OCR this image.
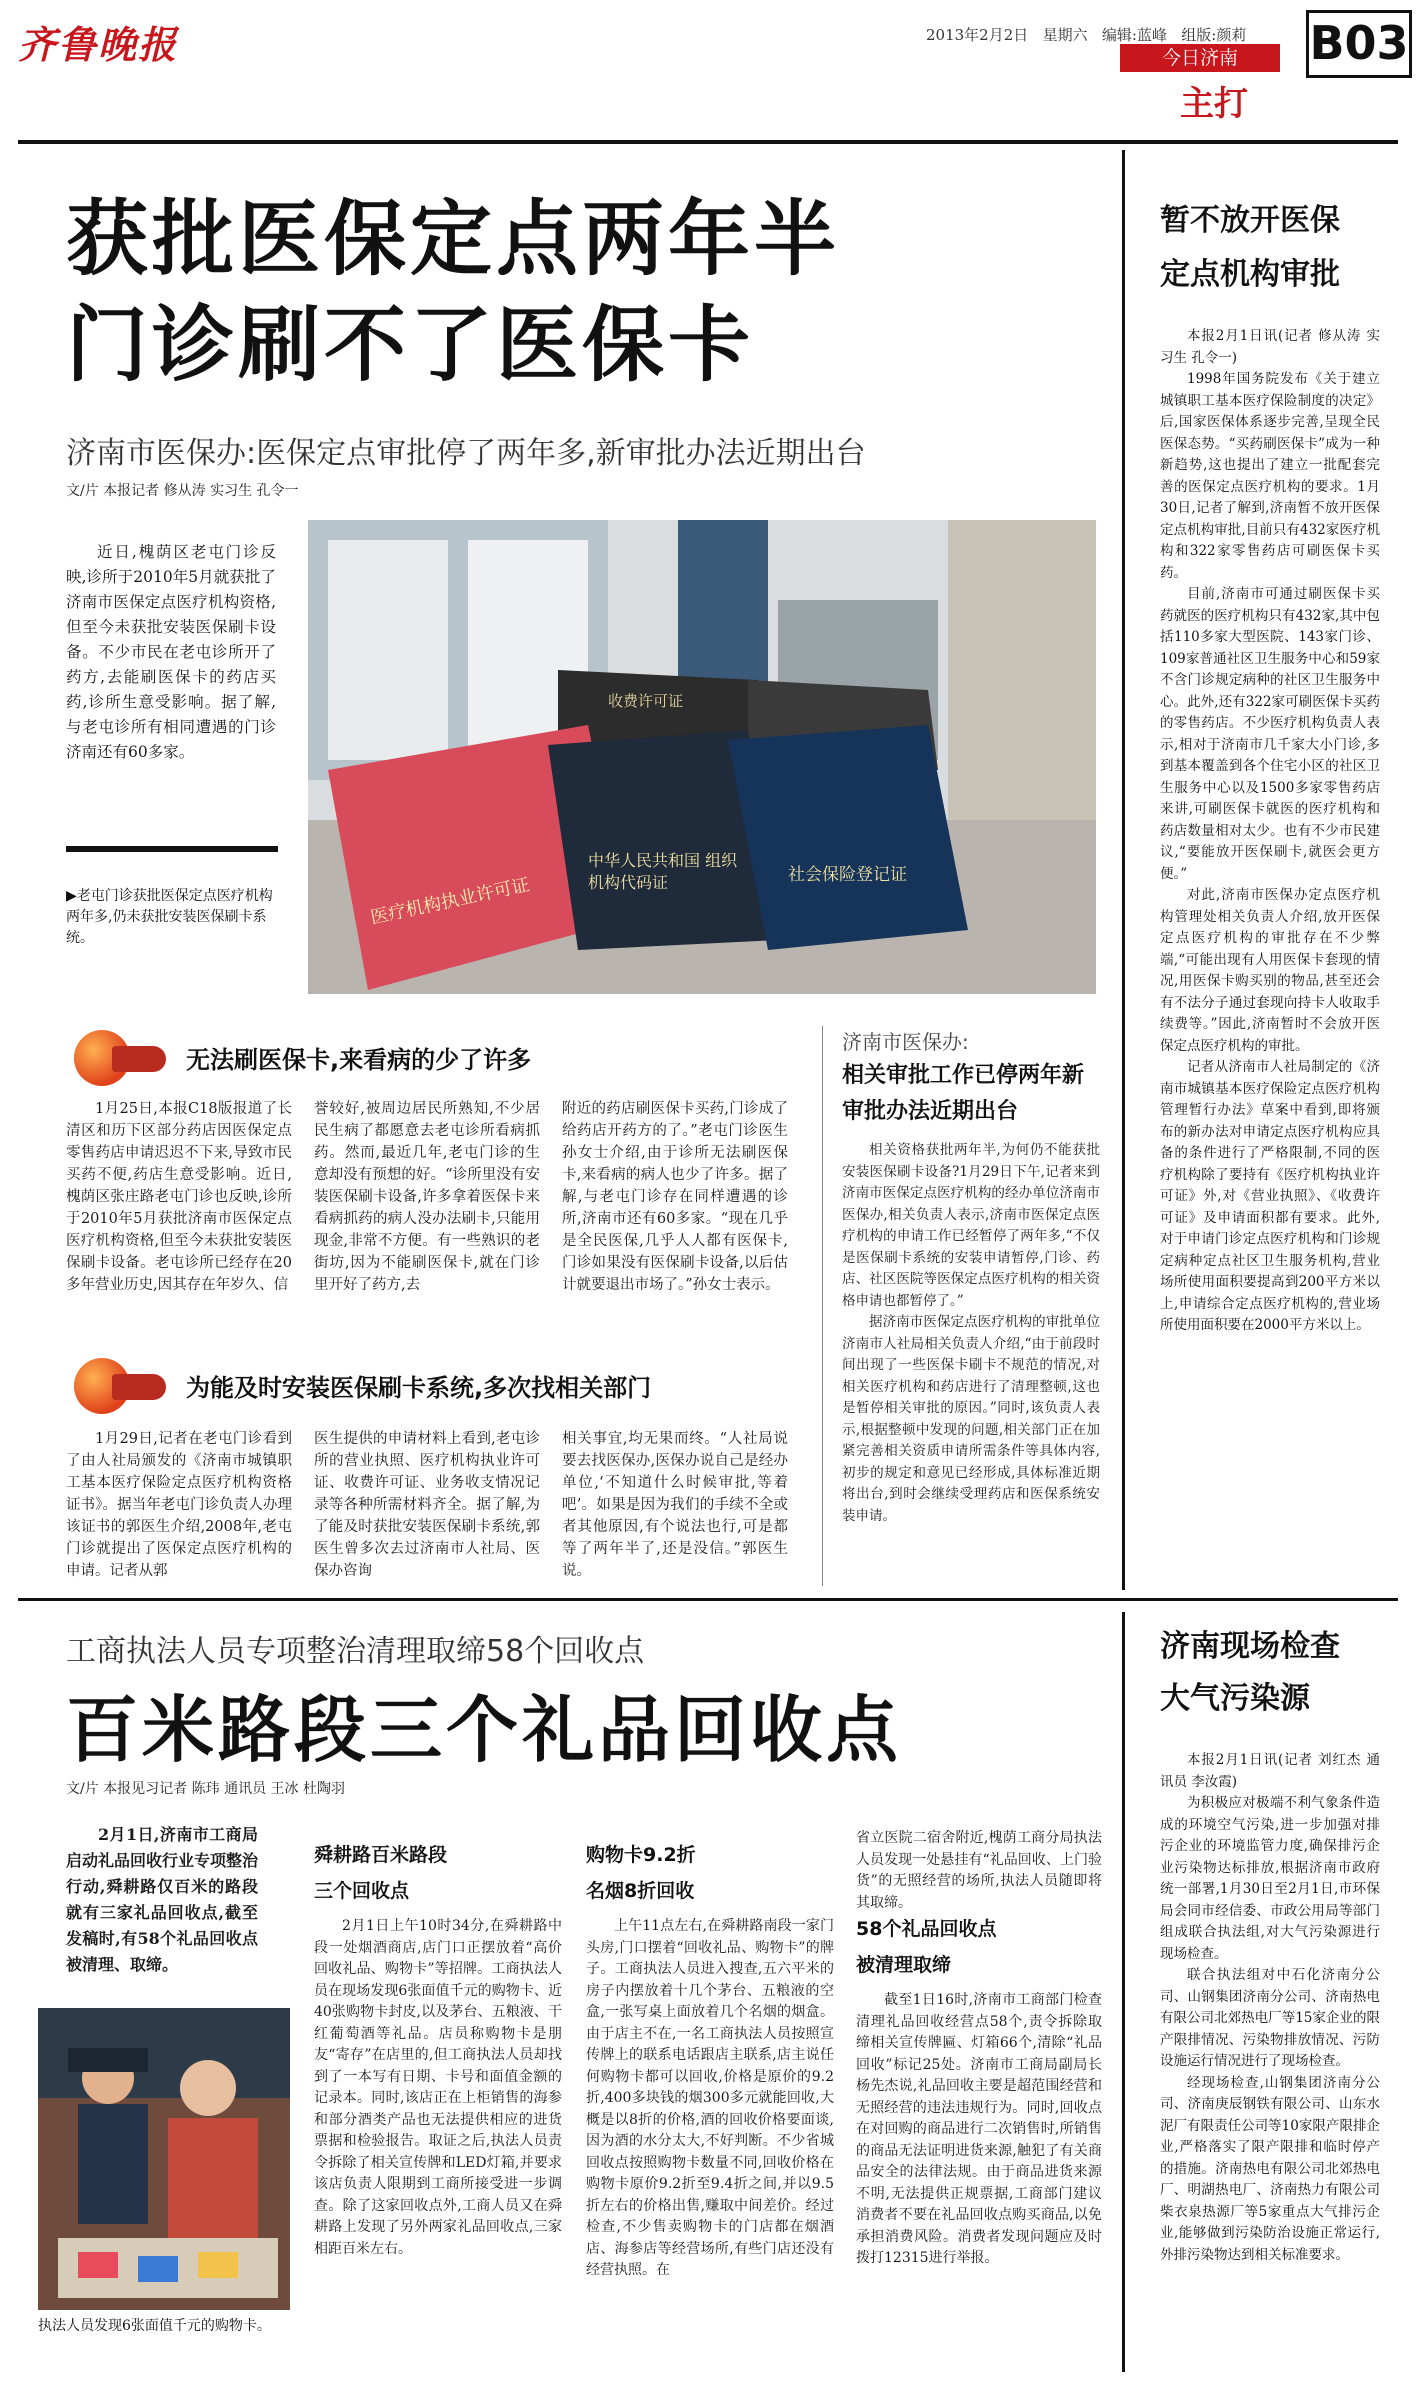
齐鲁晚报	2013年2月2日 星期六 编辑:蓝峰 组版:颜莉
今日济南
主打
B03
获批医保定点两年半
门诊刷不了医保卡
济南市医保办:医保定点审批停了两年多,新审批办法近期出台
文/片 本报记者 修从涛 实习生 孔令一

近日,槐荫区老屯门诊反映,诊所于2010年5月就获批了济南市医保定点医疗机构资格,但至今未获批安装医保刷卡设备。不少市民在老屯诊所开了药方,去能刷医保卡的药店买药,诊所生意受影响。据了解,与老屯诊所有相同遭遇的门诊济南还有60多家。

▶老屯门诊获批医保定点医疗机构两年多,仍未获批安装医保刷卡系统。
医疗机构执业许可证
中华人民共和国 组织机构代码证	社会保险登记证
收费许可证
无法刷医保卡,来看病的少了许多

1月25日,本报C18版报道了长清区和历下区部分药店因医保定点零售药店申请迟迟不下来,导致市民买药不便,药店生意受影响。近日,槐荫区张庄路老屯门诊也反映,诊所于2010年5月获批济南市医保定点医疗机构资格,但至今未获批安装医保刷卡设备。老屯诊所已经存在20多年营业历史,因其存在年岁久、信

誉较好,被周边居民所熟知,不少居民生病了都愿意去老屯诊所看病抓药。然而,最近几年,老屯门诊的生意却没有预想的好。“诊所里没有安装医保刷卡设备,许多拿着医保卡来看病抓药的病人没办法刷卡,只能用现金,非常不方便。有一些熟识的老街坊,因为不能刷医保卡,就在门诊里开好了药方,去

附近的药店刷医保卡买药,门诊成了给药店开药方的了。”老屯门诊医生孙女士介绍,由于诊所无法刷医保卡,来看病的病人也少了许多。据了解,与老屯门诊存在同样遭遇的诊所,济南市还有60多家。“现在几乎是全民医保,几乎人人都有医保卡,门诊如果没有医保刷卡设备,以后估计就要退出市场了。”孙女士表示。

为能及时安装医保刷卡系统,多次找相关部门

1月29日,记者在老屯门诊看到了由人社局颁发的《济南市城镇职工基本医疗保险定点医疗机构资格证书》。据当年老屯门诊负责人办理该证书的郭医生介绍,2008年,老屯门诊就提出了医保定点医疗机构的申请。记者从郭

医生提供的申请材料上看到,老屯诊所的营业执照、医疗机构执业许可证、收费许可证、业务收支情况记录等各种所需材料齐全。据了解,为了能及时获批安装医保刷卡系统,郭医生曾多次去过济南市人社局、医保办咨询

相关事宜,均无果而终。“人社局说要去找医保办,医保办说自己是经办单位,‘不知道什么时候审批,等着吧’。如果是因为我们的手续不全或者其他原因,有个说法也行,可是都等了两年半了,还是没信。”郭医生说。

济南市医保办:
相关审批工作已停两年新审批办法近期出台

相关资格获批两年半,为何仍不能获批安装医保刷卡设备?1月29日下午,记者来到济南市医保定点医疗机构的经办单位济南市医保办,相关负责人表示,济南市医保定点医疗机构的申请工作已经暂停了两年多,“不仅是医保刷卡系统的安装申请暂停,门诊、药店、社区医院等医保定点医疗机构的相关资格申请也都暂停了。”

据济南市医保定点医疗机构的审批单位济南市人社局相关负责人介绍,“由于前段时间出现了一些医保卡刷卡不规范的情况,对相关医疗机构和药店进行了清理整顿,这也是暂停相关审批的原因。”同时,该负责人表示,根据整顿中发现的问题,相关部门正在加紧完善相关资质申请所需条件等具体内容,初步的规定和意见已经形成,具体标准近期将出台,到时会继续受理药店和医保系统安装申请。

暂不放开医保
定点机构审批

本报2月1日讯(记者 修从涛 实习生 孔令一)

1998年国务院发布《关于建立城镇职工基本医疗保险制度的决定》后,国家医保体系逐步完善,呈现全民医保态势。“买药刷医保卡”成为一种新趋势,这也提出了建立一批配套完善的医保定点医疗机构的要求。1月30日,记者了解到,济南暂不放开医保定点机构审批,目前只有432家医疗机构和322家零售药店可刷医保卡买药。

目前,济南市可通过刷医保卡买药就医的医疗机构只有432家,其中包括110多家大型医院、143家门诊、109家普通社区卫生服务中心和59家不含门诊规定病种的社区卫生服务中心。此外,还有322家可刷医保卡买药的零售药店。不少医疗机构负责人表示,相对于济南市几千家大小门诊,多到基本覆盖到各个住宅小区的社区卫生服务中心以及1500多家零售药店来讲,可刷医保卡就医的医疗机构和药店数量相对太少。也有不少市民建议,“要能放开医保刷卡,就医会更方便。”

对此,济南市医保办定点医疗机构管理处相关负责人介绍,放开医保定点医疗机构的审批存在不少弊端,“可能出现有人用医保卡套现的情况,用医保卡购买别的物品,甚至还会有不法分子通过套现向持卡人收取手续费等。”因此,济南暂时不会放开医保定点医疗机构的审批。

记者从济南市人社局制定的《济南市城镇基本医疗保险定点医疗机构管理暂行办法》草案中看到,即将颁布的新办法对申请定点医疗机构应具备的条件进行了严格限制,不同的医疗机构除了要持有《医疗机构执业许可证》外,对《营业执照》、《收费许可证》及申请面积都有要求。此外,对于申请门诊定点医疗机构和门诊规定病种定点社区卫生服务机构,营业场所使用面积要提高到200平方米以上,申请综合定点医疗机构的,营业场所使用面积要在2000平方米以上。

工商执法人员专项整治清理取缔58个回收点
百米路段三个礼品回收点
文/片 本报见习记者 陈玮 通讯员 王冰 杜陶羽

2月1日,济南市工商局启动礼品回收行业专项整治行动,舜耕路仅百米的路段就有三家礼品回收点,截至发稿时,有58个礼品回收点被清理、取缔。

执法人员发现6张面值千元的购物卡。
舜耕路百米路段
三个回收点

2月1日上午10时34分,在舜耕路中段一处烟酒商店,店门口正摆放着“高价回收礼品、购物卡”等招牌。工商执法人员在现场发现6张面值千元的购物卡、近40张购物卡封皮,以及茅台、五粮液、干红葡萄酒等礼品。店员称购物卡是朋友“寄存”在店里的,但工商执法人员却找到了一本写有日期、卡号和面值金额的记录本。同时,该店正在上柜销售的海参和部分酒类产品也无法提供相应的进货票据和检验报告。取证之后,执法人员责令拆除了相关宣传牌和LED灯箱,并要求该店负责人限期到工商所接受进一步调查。除了这家回收点外,工商人员又在舜耕路上发现了另外两家礼品回收点,三家相距百米左右。

购物卡9.2折
名烟8折回收

上午11点左右,在舜耕路南段一家门头房,门口摆着“回收礼品、购物卡”的牌子。工商执法人员进入搜查,五六平米的房子内摆放着十几个茅台、五粮液的空盒,一张写桌上面放着几个名烟的烟盒。由于店主不在,一名工商执法人员按照宣传牌上的联系电话跟店主联系,店主说任何购物卡都可以回收,价格是原价的9.2折,400多块钱的烟300多元就能回收,大概是以8折的价格,酒的回收价格要面谈,因为酒的水分太大,不好判断。不少省城回收点按照购物卡数量不同,回收价格在购物卡原价9.2折至9.4折之间,并以9.5折左右的价格出售,赚取中间差价。经过检查,不少售卖购物卡的门店都在烟酒店、海参店等经营场所,有些门店还没有经营执照。在

省立医院二宿舍附近,槐荫工商分局执法人员发现一处悬挂有“礼品回收、上门验货”的无照经营的场所,执法人员随即将其取缔。

58个礼品回收点
被清理取缔

截至1日16时,济南市工商部门检查清理礼品回收经营点58个,责令拆除取缔相关宣传牌匾、灯箱66个,清除“礼品回收”标记25处。济南市工商局副局长杨先杰说,礼品回收主要是超范围经营和无照经营的违法违规行为。同时,回收点在对回购的商品进行二次销售时,所销售的商品无法证明进货来源,触犯了有关商品安全的法律法规。由于商品进货来源不明,无法提供正规票据,工商部门建议消费者不要在礼品回收点购买商品,以免承担消费风险。消费者发现问题应及时拨打12315进行举报。

济南现场检查
大气污染源

本报2月1日讯(记者 刘红杰 通讯员 李汝霞)

为积极应对极端不利气象条件造成的环境空气污染,进一步加强对排污企业的环境监管力度,确保排污企业污染物达标排放,根据济南市政府统一部署,1月30日至2月1日,市环保局会同市经信委、市政公用局等部门组成联合执法组,对大气污染源进行现场检查。

联合执法组对中石化济南分公司、山钢集团济南分公司、济南热电有限公司北郊热电厂等15家企业的限产限排情况、污染物排放情况、污防设施运行情况进行了现场检查。

经现场检查,山钢集团济南分公司、济南庚辰钢铁有限公司、山东水泥厂有限责任公司等10家限产限排企业,严格落实了限产限排和临时停产的措施。济南热电有限公司北郊热电厂、明湖热电厂、济南热力有限公司柴衣泉热源厂等5家重点大气排污企业,能够做到污染防治设施正常运行,外排污染物达到相关标准要求。
